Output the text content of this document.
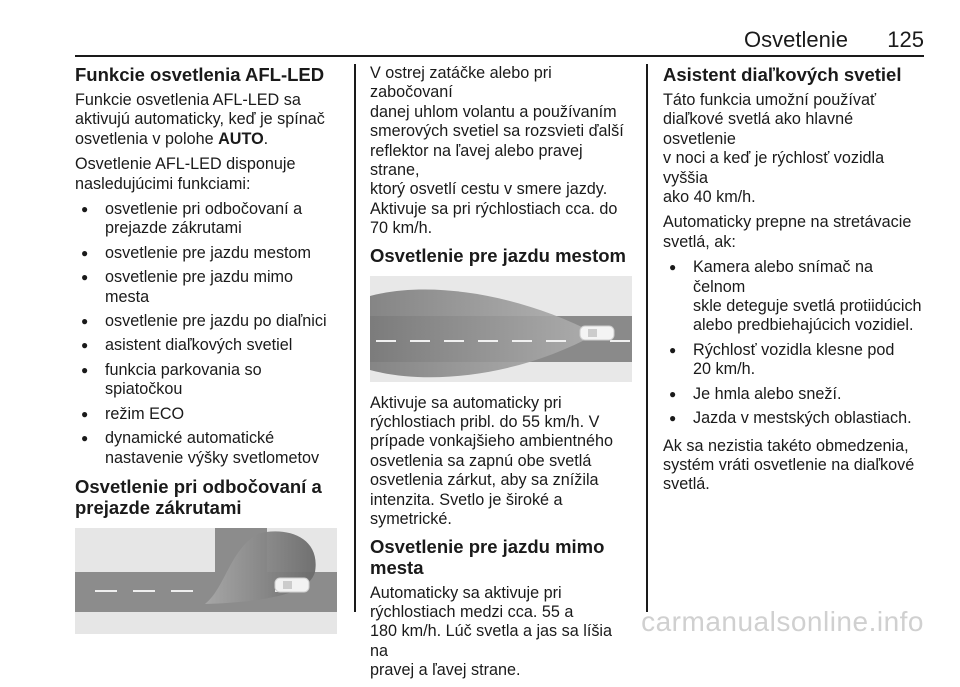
Osvetlenie 125
Funkcie osvetlenia AFL-LED

Funkcie osvetlenia AFL-LED sa
aktivujú automaticky, keď je spínač
osvetlenia v polohe AUTO.

Osvetlenie AFL-LED disponuje
nasledujúcimi funkciami:

● osvetlenie pri odbočovaní a
prejazde zákrutami
● osvetlenie pre jazdu mestom
● osvetlenie pre jazdu mimo mesta
● osvetlenie pre jazdu po diaľnici
● asistent diaľkových svetiel
● funkcia parkovania so spiatočkou
● režim ECO
● dynamické automatické
nastavenie výšky svetlometov
Osvetlenie pri odbočovaní a
prejazde zákrutami

V ostrej zatáčke alebo pri zabočovaní
danej uhlom volantu a používaním
smerových svetiel sa rozsvieti ďalší
reflektor na ľavej alebo pravej strane,
ktorý osvetlí cestu v smere jazdy.
Aktivuje sa pri rýchlostiach cca. do
70 km/h.

Osvetlenie pre jazdu mestom

Aktivuje sa automaticky pri
rýchlostiach pribl. do 55 km/h. V
prípade vonkajšieho ambientného
osvetlenia sa zapnú obe svetlá
osvetlenia zárkut, aby sa znížila
intenzita. Svetlo je široké a
symetrické.

Osvetlenie pre jazdu mimo mesta

Automaticky sa aktivuje pri
rýchlostiach medzi cca. 55 a
180 km/h. Lúč svetla a jas sa líšia na
pravej a ľavej strane.

Asistent diaľkových svetiel

Táto funkcia umožní používať
diaľkové svetlá ako hlavné osvetlenie
v noci a keď je rýchlosť vozidla vyššia
ako 40 km/h.

Automaticky prepne na stretávacie
svetlá, ak:

● Kamera alebo snímač na čelnom
skle deteguje svetlá protiidúcich
alebo predbiehajúcich vozidiel.
● Rýchlosť vozidla klesne pod
20 km/h.
● Je hmla alebo sneží.
● Jazda v mestských oblastiach.

Ak sa nezistia takéto obmedzenia,
systém vráti osvetlenie na diaľkové
svetlá.

carmanualsonline.info
